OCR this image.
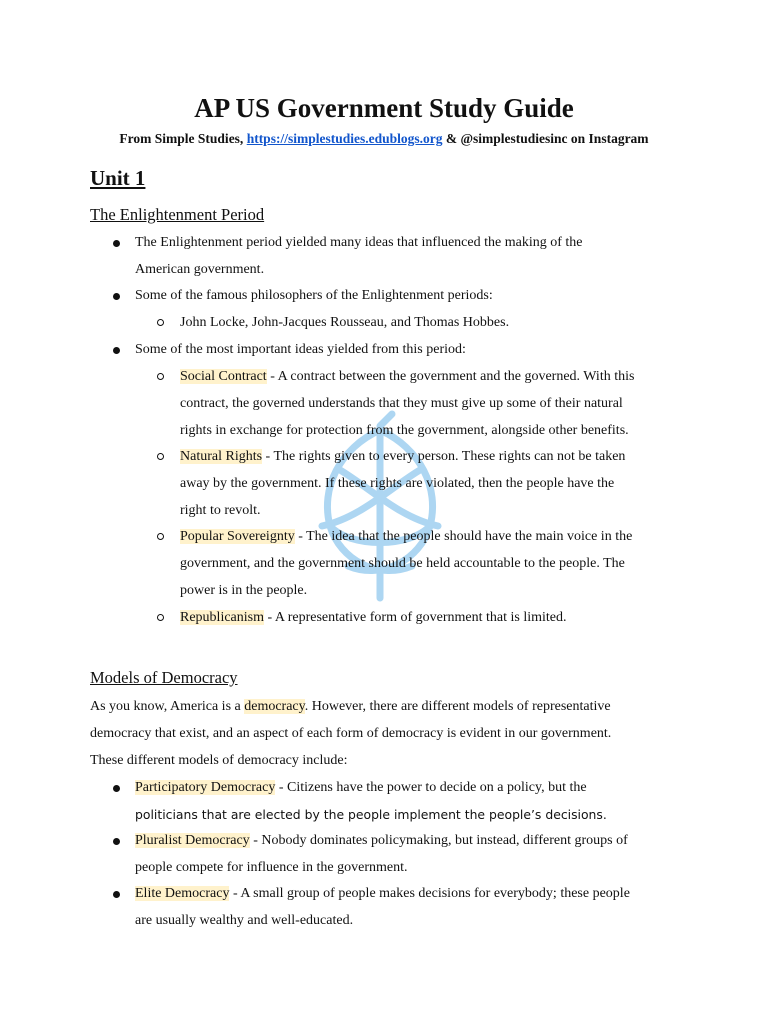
AP US Government Study Guide
From Simple Studies, https://simplestudies.edublogs.org & @simplestudiesinc on Instagram
Unit 1
The Enlightenment Period
The Enlightenment period yielded many ideas that influenced the making of the
American government.
Some of the famous philosophers of the Enlightenment periods:
John Locke, John-Jacques Rousseau, and Thomas Hobbes.
Some of the most important ideas yielded from this period:
Social Contract - A contract between the government and the governed. With this
contract, the governed understands that they must give up some of their natural
rights in exchange for protection from the government, alongside other benefits.
Natural Rights - The rights given to every person. These rights can not be taken
away by the government. If these rights are violated, then the people have the
right to revolt.
Popular Sovereignty - The idea that the people should have the main voice in the
government, and the government should be held accountable to the people. The
power is in the people.
Republicanism - A representative form of government that is limited.
Models of Democracy
As you know, America is a democracy. However, there are different models of representative
democracy that exist, and an aspect of each form of democracy is evident in our government.
These different models of democracy include:
Participatory Democracy - Citizens have the power to decide on a policy, but the
politicians that are elected by the people implement the people’s decisions.
Pluralist Democracy - Nobody dominates policymaking, but instead, different groups of
people compete for influence in the government.
Elite Democracy - A small group of people makes decisions for everybody; these people
are usually wealthy and well-educated.
